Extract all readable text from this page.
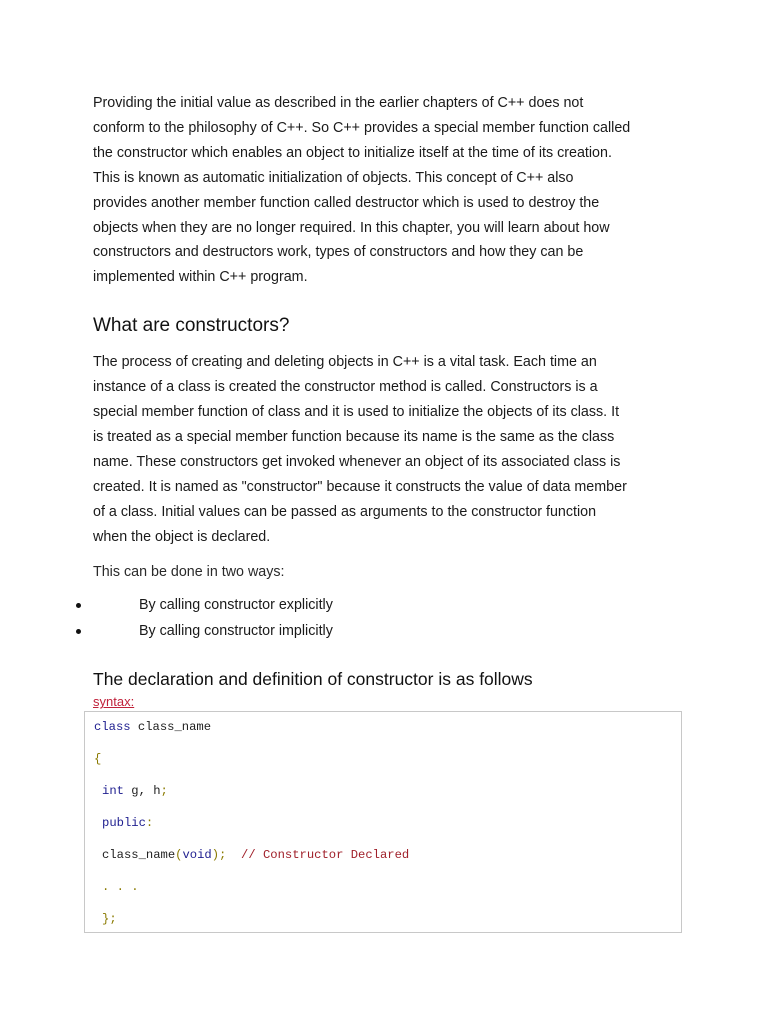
Providing the initial value as described in the earlier chapters of C++ does not
conform to the philosophy of C++. So C++ provides a special member function called
the constructor which enables an object to initialize itself at the time of its creation.
This is known as automatic initialization of objects. This concept of C++ also
provides another member function called destructor which is used to destroy the
objects when they are no longer required. In this chapter, you will learn about how
constructors and destructors work, types of constructors and how they can be
implemented within C++ program.
What are constructors?
The process of creating and deleting objects in C++ is a vital task. Each time an
instance of a class is created the constructor method is called. Constructors is a
special member function of class and it is used to initialize the objects of its class. It
is treated as a special member function because its name is the same as the class
name. These constructors get invoked whenever an object of its associated class is
created. It is named as "constructor" because it constructs the value of data member
of a class. Initial values can be passed as arguments to the constructor function
when the object is declared.
This can be done in two ways:
By calling constructor explicitly
By calling constructor implicitly
The declaration and definition of constructor is as follows
syntax:
class class_name
{
int g, h;
public:
class_name(void); // Constructor Declared
. . .
};
